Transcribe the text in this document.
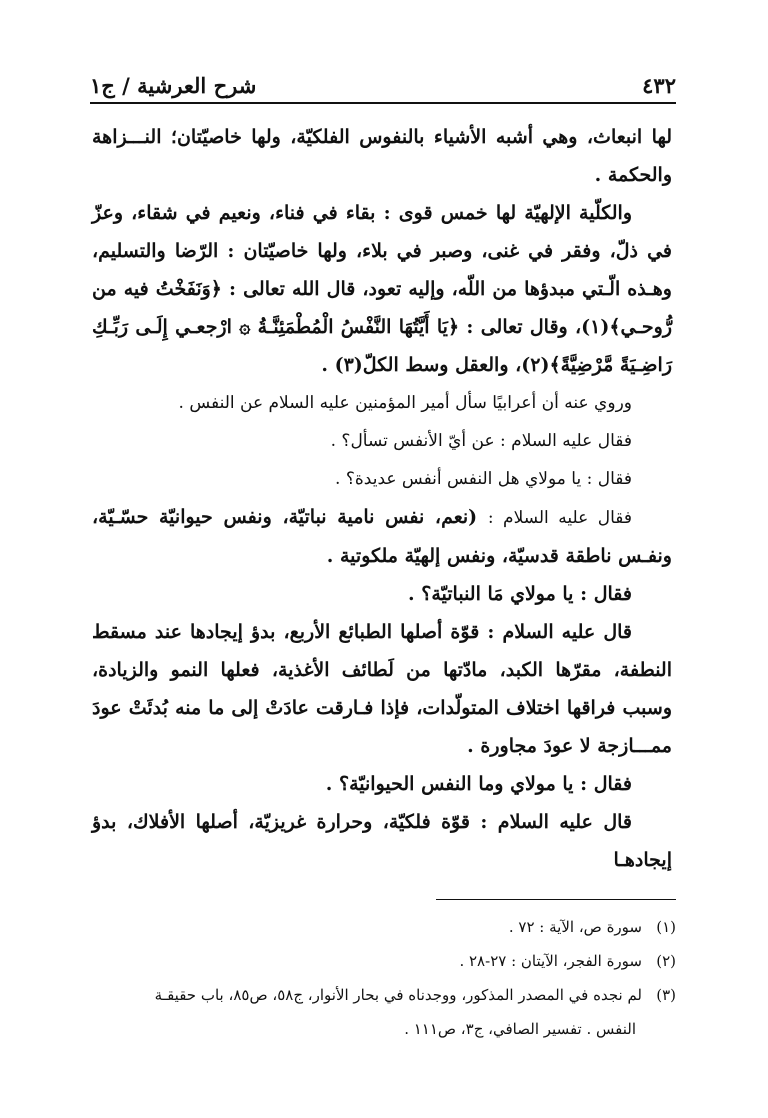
٤٣٢
شرح العرشية / ج١

لها انبعاث، وهي أشبه الأشياء بالنفوس الفلكيّة، ولها خاصيّتان؛ النـــزاهة والحكمة .

والكلّية الإلهيّة لها خمس قوى : بقاء في فناء، ونعيم في شقاء، وعزّ في ذلّ، وفقر في غنى، وصبر في بلاء، ولها خاصيّتان : الرّضا والتسليم، وهـذه الّـتي مبدؤها من اللّه، وإليه تعود، قال الله تعالى : ﴿وَنَفَخْتُ فيه من رُّوحـي﴾(١)، وقال تعالى : ﴿يَا أَيَّتُهَا النَّفْسُ الْمُطْمَئِنَّـةُ ۞ ارْجعـي إِلَـى رَبِّـكِ رَاضِـيَةً مَّرْضِيَّةً﴾(٢)، والعقل وسط الكلّ(٣) .

وروي عنه أن أعرابيًا سأل أمير المؤمنين عليه السلام عن النفس .

فقال عليه السلام : عن أيّ الأنفس تسأل؟ .

فقال : يا مولاي هل النفس أنفس عديدة؟ .

فقال عليه السلام : (نعم، نفس نامية نباتيّة، ونفس حيوانيّة حسّـيّة، ونفـس ناطقة قدسيّة، ونفس إلهيّة ملكوتية .

فقال : يا مولاي مَا النباتيّة؟ .

قال عليه السلام : قوّة أصلها الطبائع الأربع، بدؤ إيجادها عند مسقط النطفة، مقرّها الكبد، مادّتها من لَطائف الأغذية، فعلها النمو والزيادة، وسبب فراقها اختلاف المتولّدات، فإذا فـارقت عادَتْ إلى ما منه بُدئَتْ عودَ ممـــازجة لا عودَ مجاورة .

فقال : يا مولاي وما النفس الحيوانيّة؟ .

قال عليه السلام : قوّة فلكيّة، وحرارة غريزيّة، أصلها الأفلاك، بدؤ إيجادهـا

(١)سورة ص، الآية : ٧٢ .

(٢)سورة الفجر، الآيتان : ٢٧-٢٨ .

(٣)لم نجده في المصدر المذكور، ووجدناه في بحار الأنوار، ج٥٨، ص٨٥، باب حقيقـة

النفس . تفسير الصافي، ج٣، ص١١١ .
